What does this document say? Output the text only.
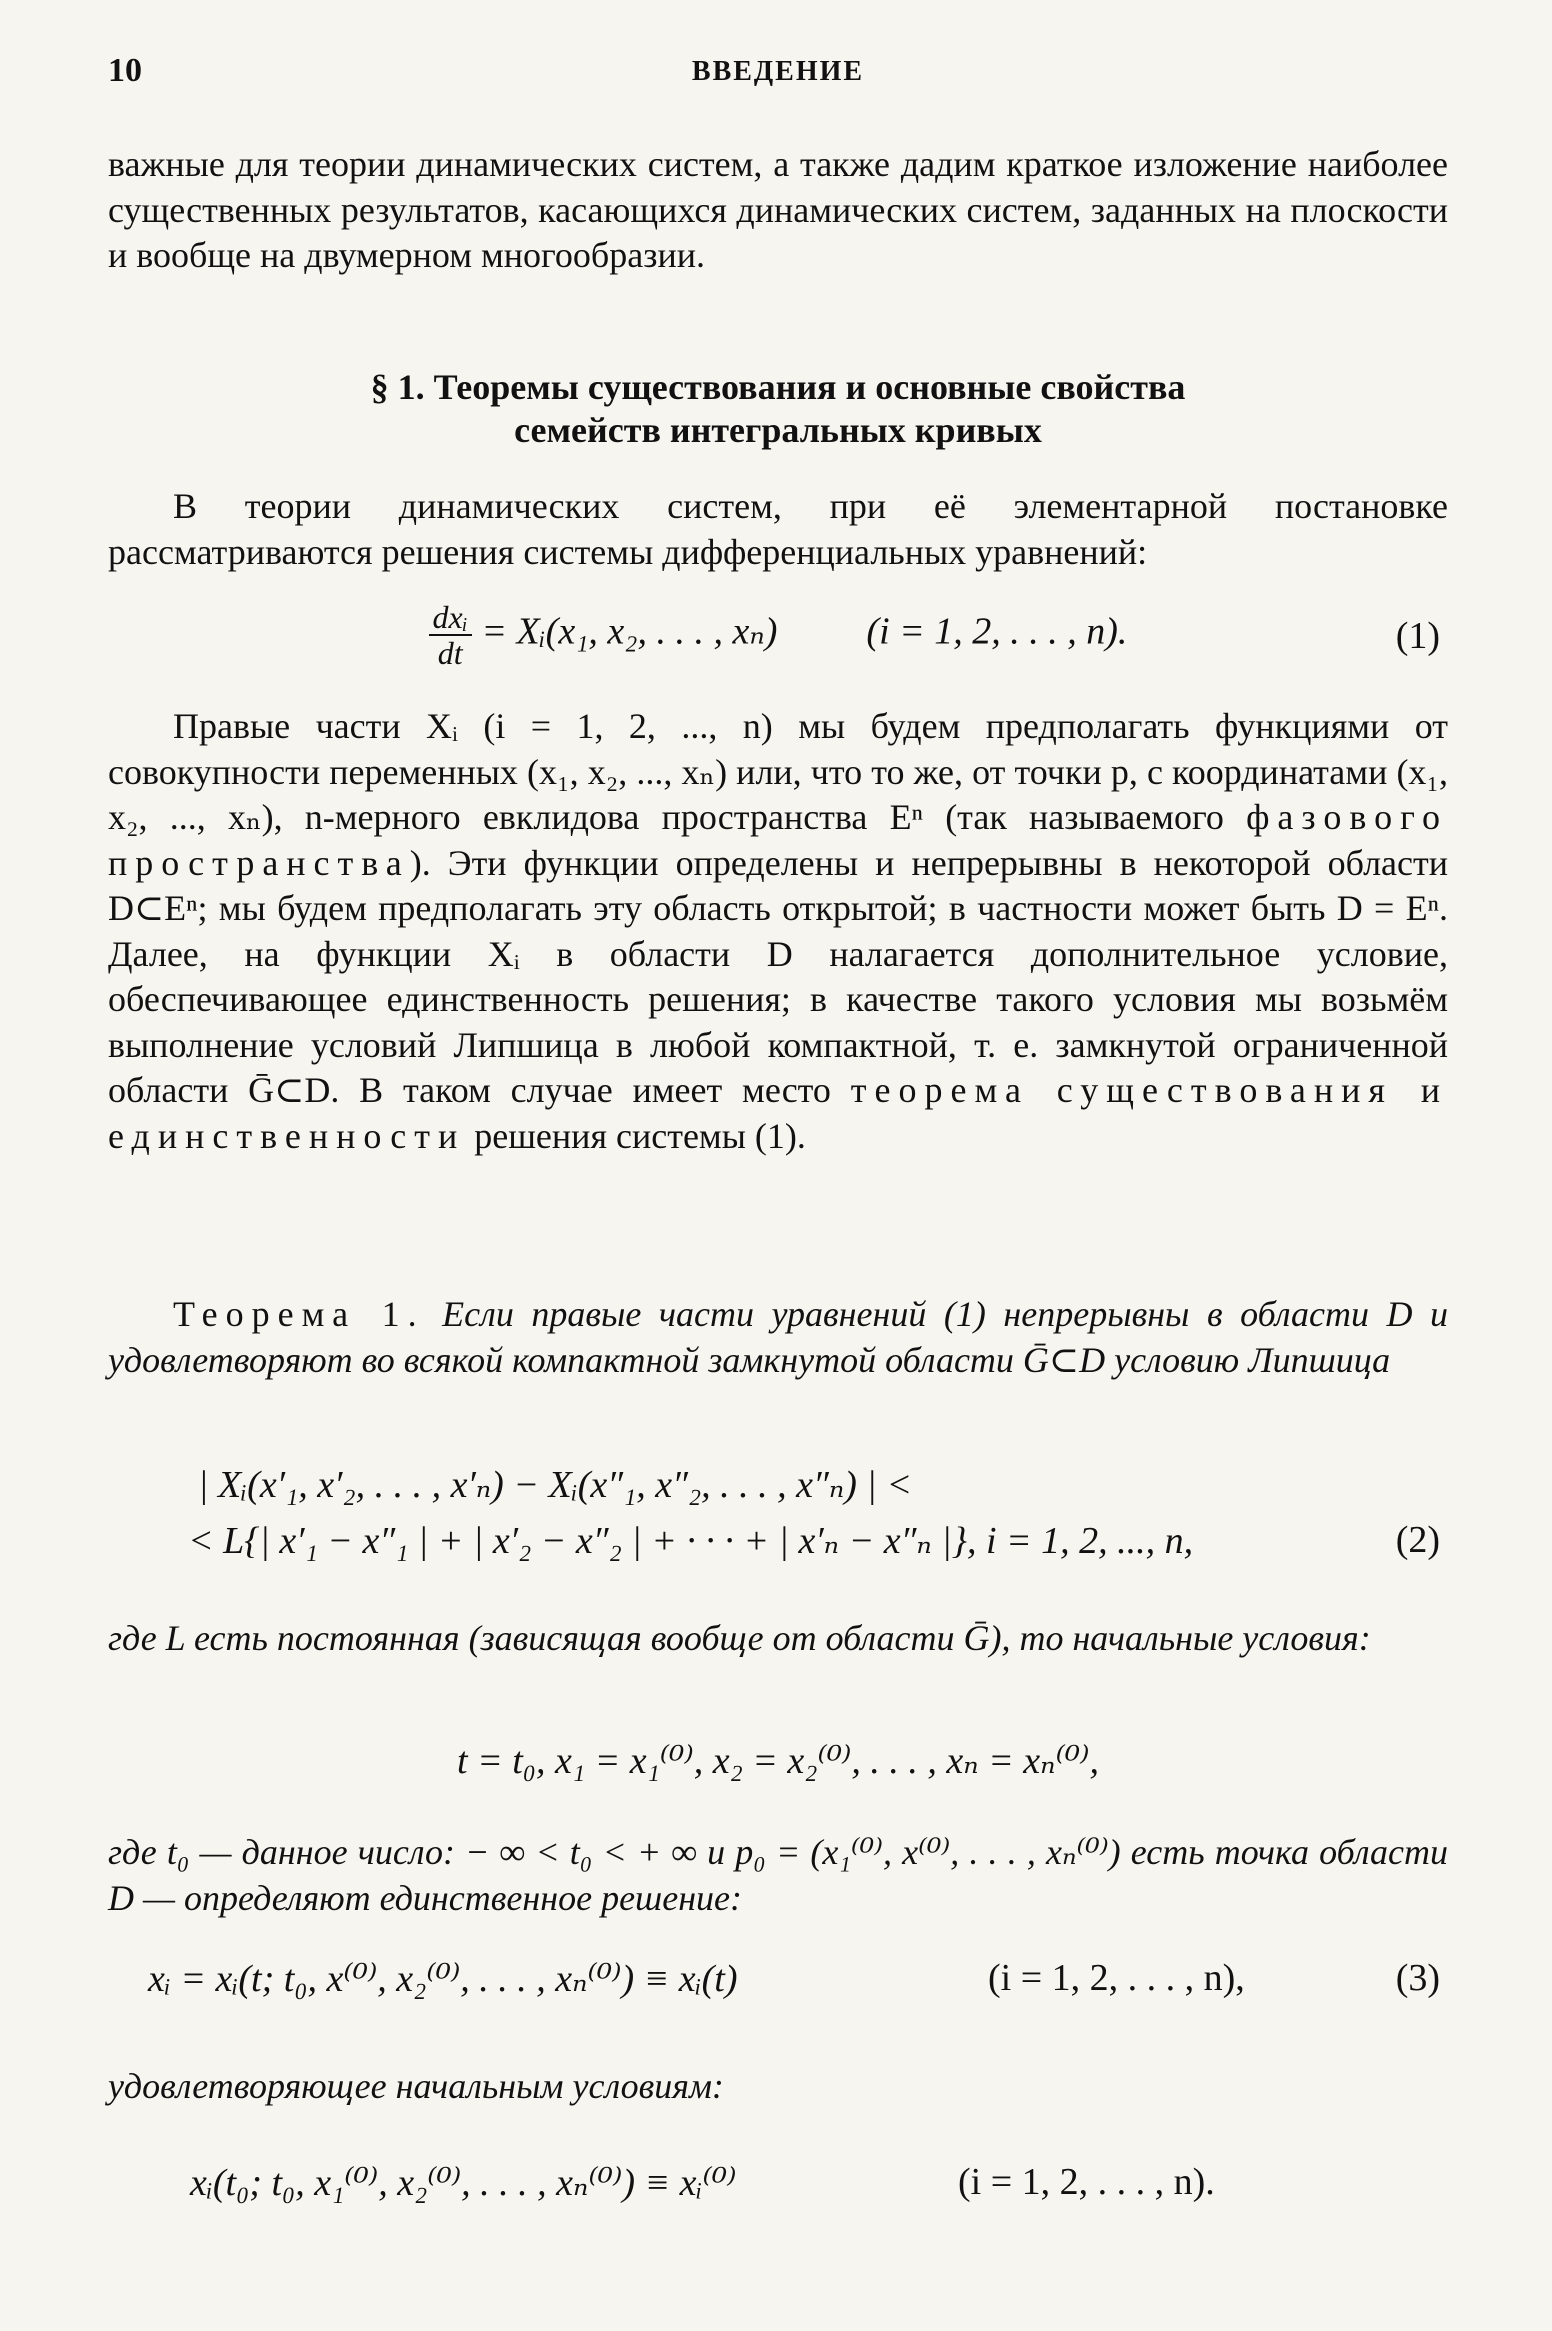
10	ВВЕДЕНИЕ
важные для теории динамических систем, а также дадим краткое изложение наиболее существенных результатов, касающихся динамических систем, заданных на плоскости и вообще на двумерном многообразии.
§ 1. Теоремы существования и основные свойства
семейств интегральных кривых
В теории динамических систем, при её элементарной постановке рассматриваются решения системы дифференциальных уравнений:
$\frac{\text{dxᵢ}}{dt}$ = Xᵢ(x₁, x₂, . . . , xₙ) (i = 1, 2, . . . , n).	(1)
Правые части Xᵢ (i = 1, 2, ..., n) мы будем предполагать функциями от совокупности переменных (x₁, x₂, ..., xₙ) или, что то же, от точки p, с координатами (x₁, x₂, ..., xₙ), n-мерного евклидова пространства Eⁿ (так называемого фазового пространства). Эти функции определены и непрерывны в некоторой области D⊂Eⁿ; мы будем предполагать эту область открытой; в частности может быть D = Eⁿ. Далее, на функции Xᵢ в области D налагается дополнительное условие, обеспечивающее единственность решения; в качестве такого условия мы возьмём выполнение условий Липшица в любой компактной, т. е. замкнутой ограниченной области Ḡ⊂D. В таком случае имеет место теорема существования и единственности решения системы (1).
Теорема 1. Если правые части уравнений (1) непрерывны в области D и удовлетворяют во всякой компактной замкнутой области Ḡ⊂D условию Липшица
| Xᵢ(x′₁, x′₂, . . . , x′ₙ) − Xᵢ(x″₁, x″₂, . . . , x″ₙ) | <
< L{| x′₁ − x″₁ | + | x′₂ − x″₂ | + · · · + | x′ₙ − x″ₙ |}, i = 1, 2, ..., n,	(2)
где L есть постоянная (зависящая вообще от области Ḡ), то начальные условия:
t = t₀, x₁ = x₁⁽⁰⁾, x₂ = x₂⁽⁰⁾, . . . , xₙ = xₙ⁽⁰⁾,
где t₀ — данное число: − ∞ < t₀ < + ∞ и p₀ = (x₁⁽⁰⁾, x⁽⁰⁾, . . . , xₙ⁽⁰⁾) есть точка области D — определяют единственное решение:
xᵢ = xᵢ(t; t₀, x⁽⁰⁾, x₂⁽⁰⁾, . . . , xₙ⁽⁰⁾) ≡ xᵢ(t)	(i = 1, 2, . . . , n),	(3)
удовлетворяющее начальным условиям:
xᵢ(t₀; t₀, x₁⁽⁰⁾, x₂⁽⁰⁾, . . . , xₙ⁽⁰⁾) ≡ xᵢ⁽⁰⁾	(i = 1, 2, . . . , n).
